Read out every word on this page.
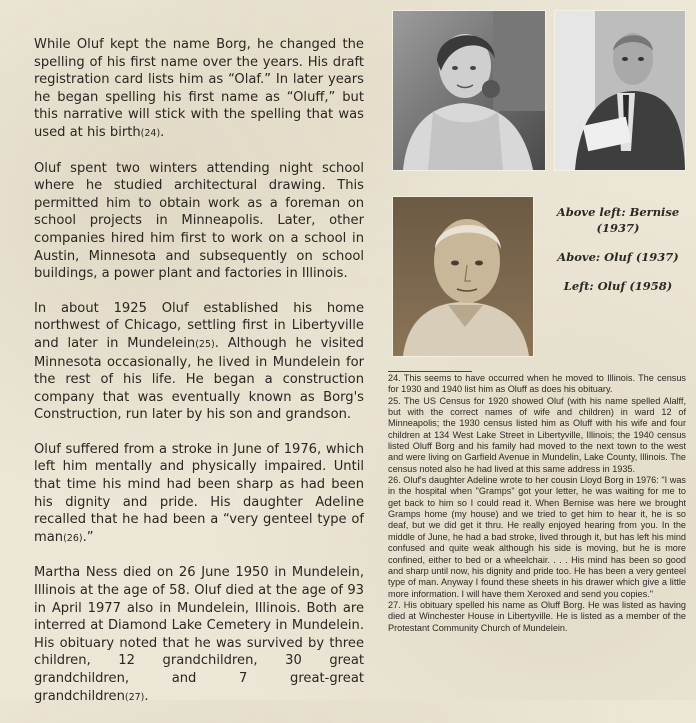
While Oluf kept the name Borg, he changed the spelling of his first name over the years. His draft registration card lists him as “Olaf.” In later years he began spelling his first name as “Oluff,” but this narrative will stick with the spelling that was used at his birth(24).

Oluf spent two winters attending night school where he studied architectural drawing. This permitted him to obtain work as a foreman on school projects in Minneapolis. Later, other companies hired him first to work on a school in Austin, Minnesota and subsequently on school buildings, a power plant and factories in Illinois.

In about 1925 Oluf established his home northwest of Chicago, settling first in Libertyville and later in Mundelein(25). Although he visited Minnesota occasionally, he lived in Mundelein for the rest of his life. He began a construction company that was eventually known as Borg's Construction, run later by his son and grandson.

Oluf suffered from a stroke in June of 1976, which left him mentally and physically impaired. Until that time his mind had been sharp as had been his dignity and pride. His daughter Adeline recalled that he had been a “very genteel type of man(26).”

Martha Ness died on 26 June 1950 in Mundelein, Illinois at the age of 58. Oluf died at the age of 93 in April 1977 also in Mundelein, Illinois. Both are interred at Diamond Lake Cemetery in Mundelein. His obituary noted that he was survived by three children, 12 grandchildren, 30 great grandchildren, and 7 great-great grandchildren(27).

Above left: Bernise (1937)
Above: Oluf (1937)
Left: Oluf (1958)

24. This seems to have occurred when he moved to Illinois. The census for 1930 and 1940 list him as Oluff as does his obituary.

25. The US Census for 1920 showed Oluf (with his name spelled Alalff, but with the correct names of wife and children) in ward 12 of Minneapolis; the 1930 census listed him as Oluff with his wife and four children at 134 West Lake Street in Libertyville, Illinois; the 1940 census listed Oluff Borg and his family had moved to the next town to the west and were living on Garfield Avenue in Mundelin, Lake County, Illinois. The census noted also he had lived at this same address in 1935.

26. Oluf's daughter Adeline wrote to her cousin Lloyd Borg in 1976: "I was in the hospital when "Gramps" got your letter, he was waiting for me to get back to him so I could read it. When Bernise was here we brought Gramps home (my house) and we tried to get him to hear it, he is so deaf, but we did get it thru. He really enjoyed hearing from you. In the middle of June, he had a bad stroke, lived through it, but has left his mind confused and quite weak although his side is moving, but he is more confined, either to bed or a wheelchair. . . . His mind has been so good and sharp until now, his dignity and pride too. He has been a very genteel type of man. Anyway I found these sheets in his drawer which give a little more information. I will have them Xeroxed and send you copies."

27. His obituary spelled his name as Oluff Borg. He was listed as having died at Winchester House in Libertyville. He is listed as a member of the Protestant Community Church of Mundelein.
